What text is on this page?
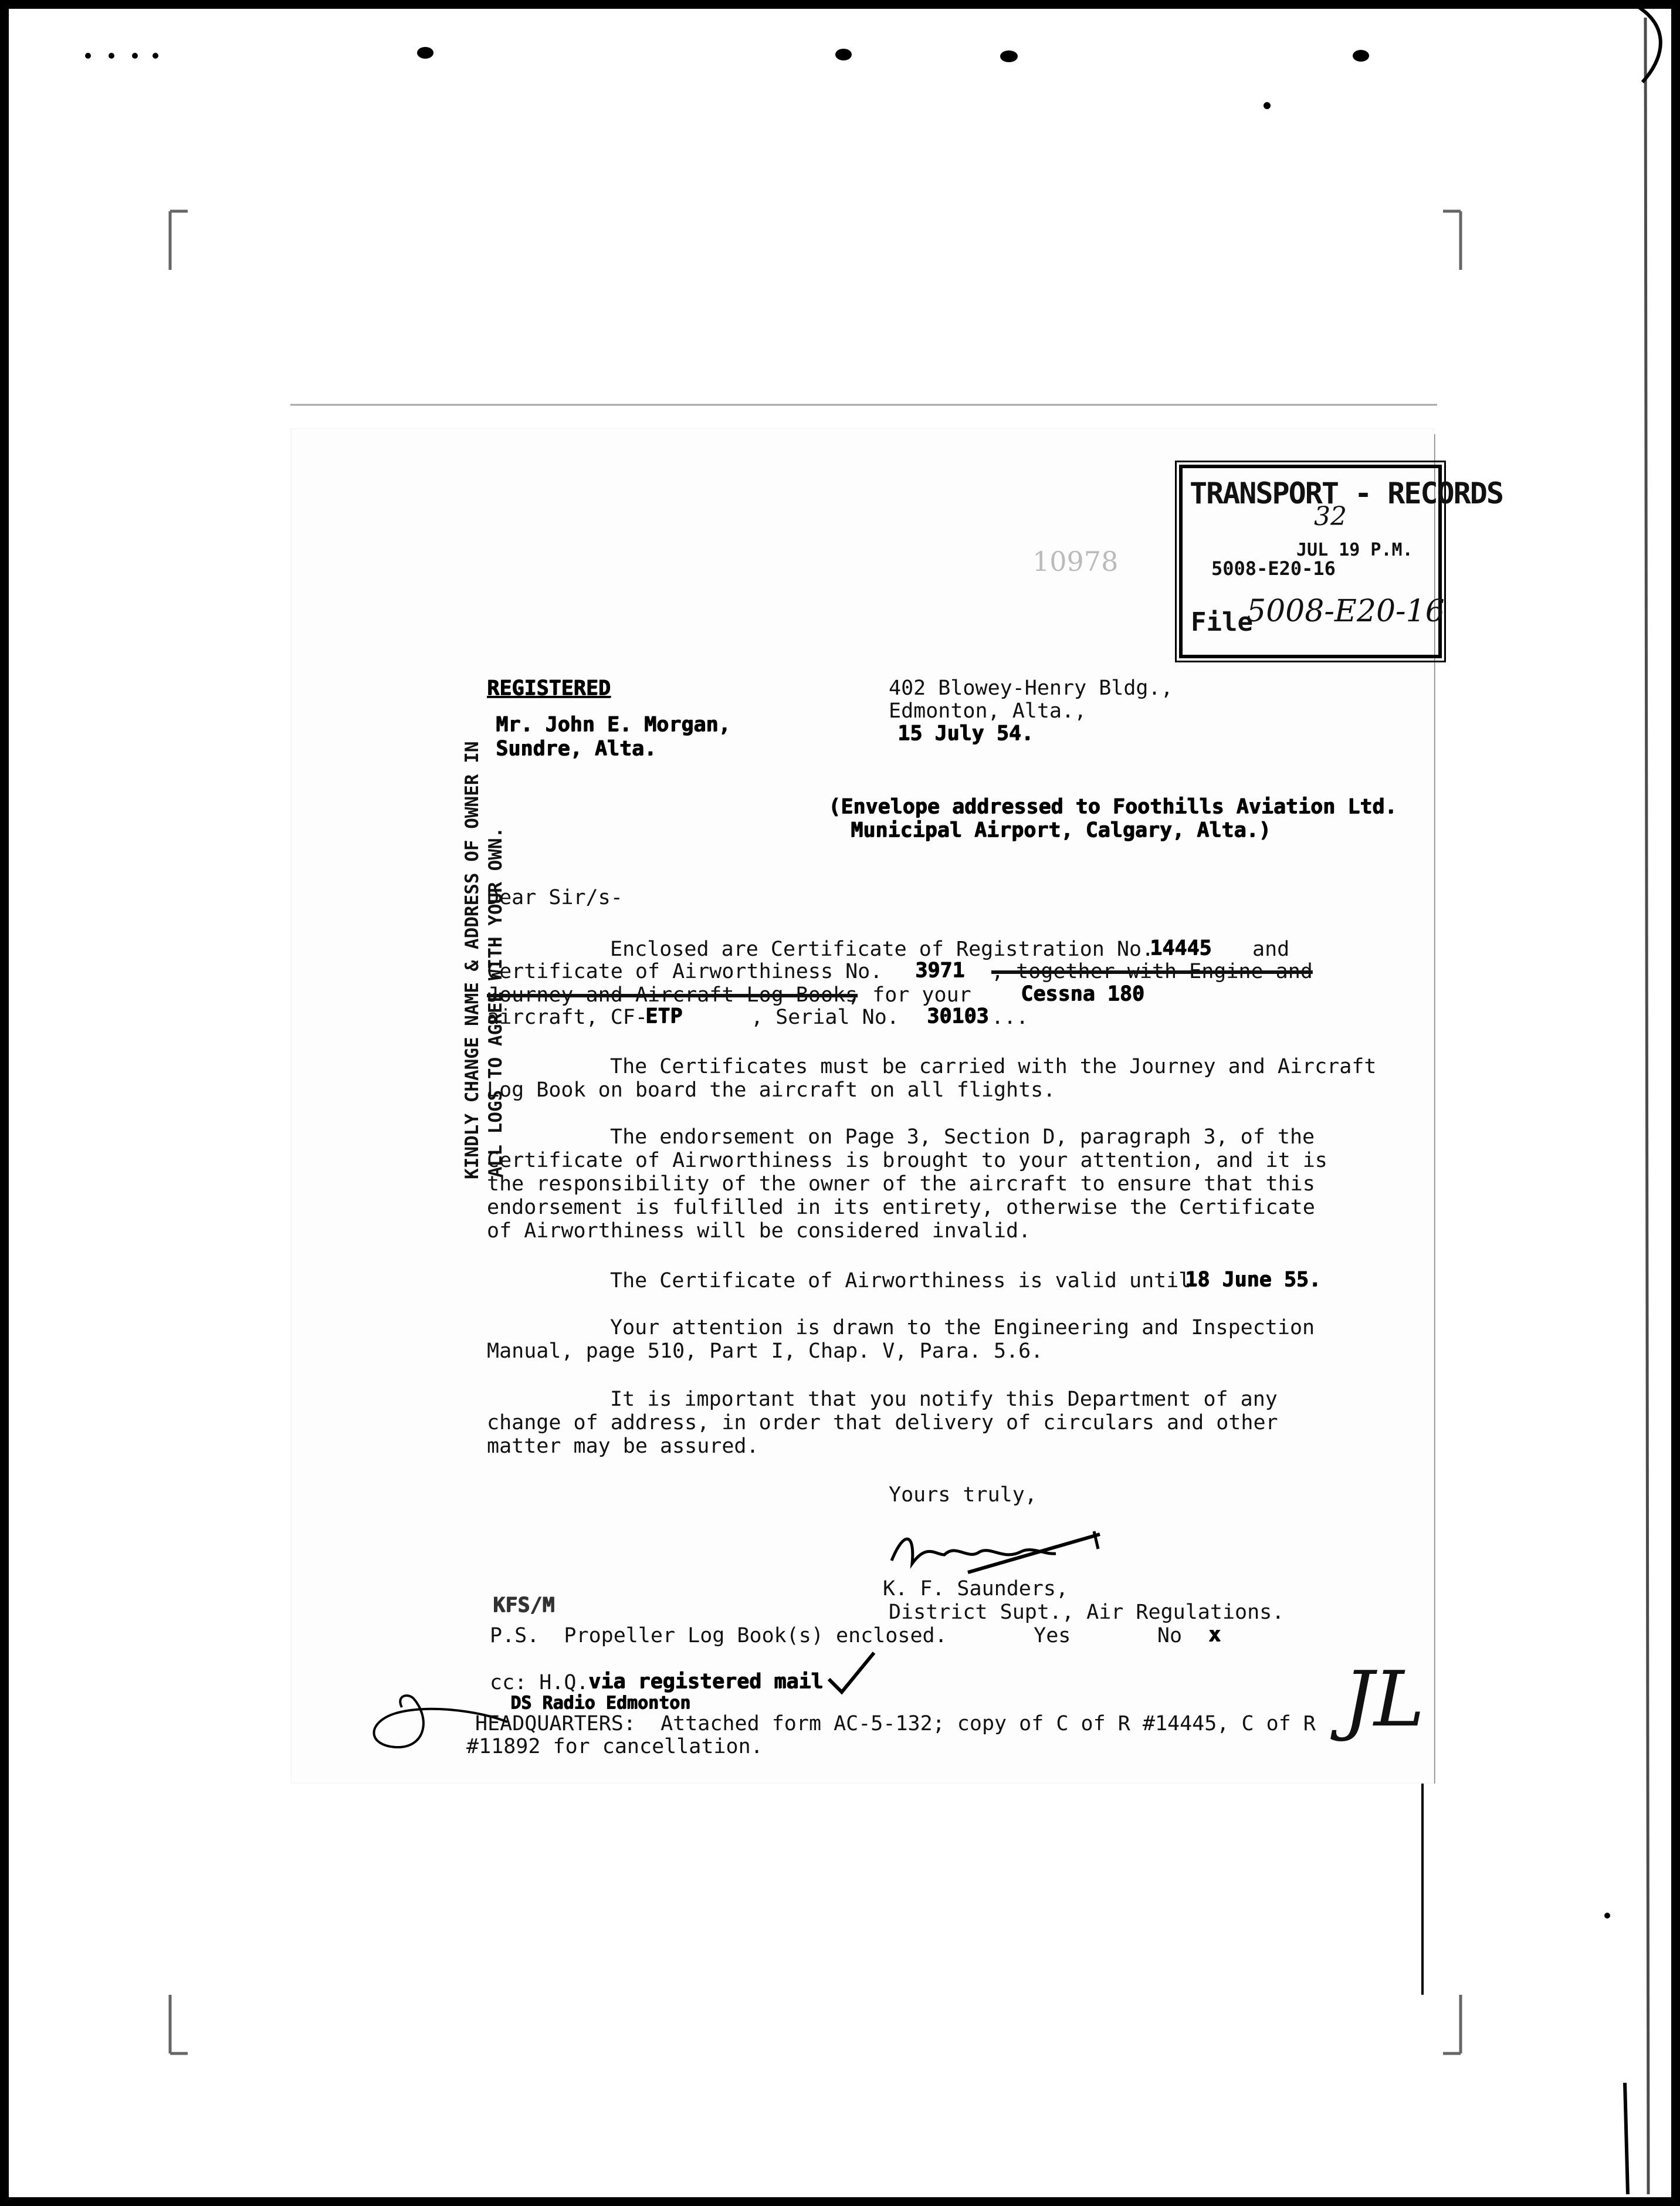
TRANSPORT - RECORDS
32
JUL 19 P.M.
5008-E20-16
File
5008-E20-16
10978
REGISTERED
Mr. John E. Morgan,
Sundre, Alta.
402 Blowey-Henry Bldg.,
Edmonton, Alta.,
15 July 54.
(Envelope addressed to Foothills Aviation Ltd.
Municipal Airport, Calgary, Alta.)
Dear Sir/s-
Enclosed are Certificate of Registration No.
14445 and
Certificate of Airworthiness No. 3971 , together with Engine and
Journey and Aircraft Log Books
, for your Cessna 180
aircraft, CF-
ETP	, Serial No. 30103 ...
The Certificates must be carried with the Journey and Aircraft
Log Book on board the aircraft on all flights.
The endorsement on Page 3, Section D, paragraph 3, of the
Certificate of Airworthiness is brought to your attention, and it is
the responsibility of the owner of the aircraft to ensure that this
endorsement is fulfilled in its entirety, otherwise the Certificate
of Airworthiness will be considered invalid.
The Certificate of Airworthiness is valid until
18 June 55.
Your attention is drawn to the Engineering and Inspection
Manual, page 510, Part I, Chap. V, Para. 5.6.
It is important that you notify this Department of any
change of address, in order that delivery of circulars and other
matter may be assured.
Yours truly,
K. F. Saunders,
District Supt., Air Regulations.
KFS/M
P.S.  Propeller Log Book(s) enclosed.       Yes       No x
cc: H.Q. via registered mail
DS Radio Edmonton
HEADQUARTERS:  Attached form AC-5-132; copy of C of R #14445, C of R
#11892 for cancellation.
JL
KINDLY CHANGE NAME & ADDRESS OF OWNER IN ALL LOGS TO AGREE WITH YOUR OWN.
